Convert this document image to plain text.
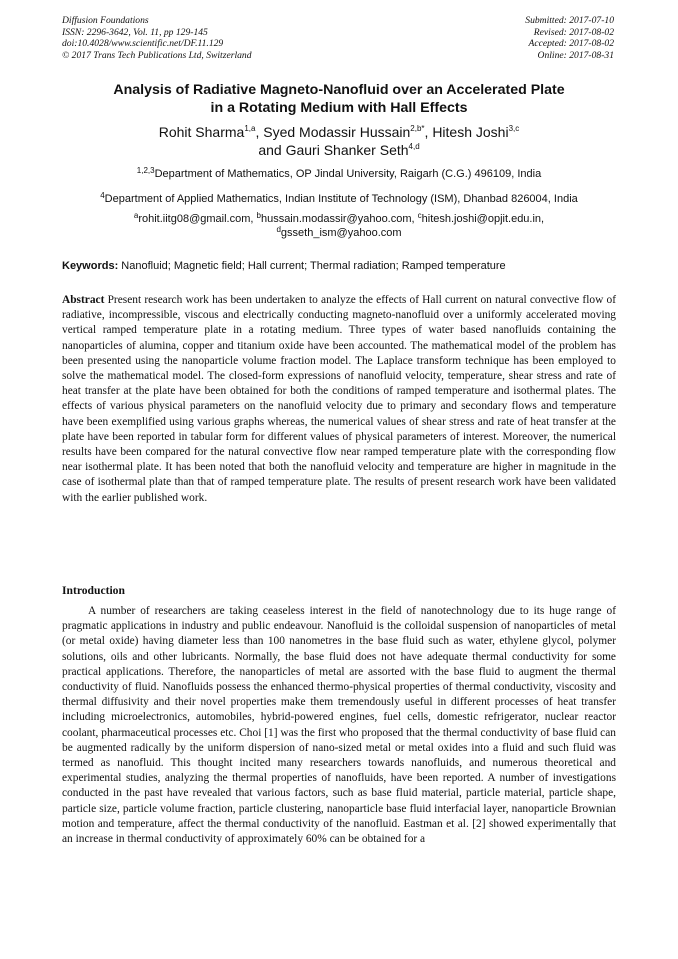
Diffusion Foundations
ISSN: 2296-3642, Vol. 11, pp 129-145
doi:10.4028/www.scientific.net/DF.11.129
© 2017 Trans Tech Publications Ltd, Switzerland
Submitted: 2017-07-10
Revised: 2017-08-02
Accepted: 2017-08-02
Online: 2017-08-31
Analysis of Radiative Magneto-Nanofluid over an Accelerated Plate
in a Rotating Medium with Hall Effects
Rohit Sharma$^{1,a}$, Syed Modassir Hussain$^{2,b*}$, Hitesh Joshi$^{3,c}$
and Gauri Shanker Seth$^{4,d}$
$^{1,2,3}$Department of Mathematics, OP Jindal University, Raigarh (C.G.) 496109, India
$^4$Department of Applied Mathematics, Indian Institute of Technology (ISM), Dhanbad 826004, India
$^a$rohit.iitg08@gmail.com, $^b$hussain.modassir@yahoo.com, $^c$hitesh.joshi@opjit.edu.in,
$^d$gsseth_ism@yahoo.com
Keywords: Nanofluid; Magnetic field; Hall current; Thermal radiation; Ramped temperature
Abstract Present research work has been undertaken to analyze the effects of Hall current on natural convective flow of radiative, incompressible, viscous and electrically conducting magneto-nanofluid over a uniformly accelerated moving vertical ramped temperature plate in a rotating medium. Three types of water based nanofluids containing the nanoparticles of alumina, copper and titanium oxide have been accounted. The mathematical model of the problem has been presented using the nanoparticle volume fraction model. The Laplace transform technique has been employed to solve the mathematical model. The closed-form expressions of nanofluid velocity, temperature, shear stress and rate of heat transfer at the plate have been obtained for both the conditions of ramped temperature and isothermal plates. The effects of various physical parameters on the nanofluid velocity due to primary and secondary flows and temperature have been exemplified using various graphs whereas, the numerical values of shear stress and rate of heat transfer at the plate have been reported in tabular form for different values of physical parameters of interest. Moreover, the numerical results have been compared for the natural convective flow near ramped temperature plate with the corresponding flow near isothermal plate. It has been noted that both the nanofluid velocity and temperature are higher in magnitude in the case of isothermal plate than that of ramped temperature plate. The results of present research work have been validated with the earlier published work.
Introduction
A number of researchers are taking ceaseless interest in the field of nanotechnology due to its huge range of pragmatic applications in industry and public endeavour. Nanofluid is the colloidal suspension of nanoparticles of metal (or metal oxide) having diameter less than 100 nanometres in the base fluid such as water, ethylene glycol, polymer solutions, oils and other lubricants. Normally, the base fluid does not have adequate thermal conductivity for some practical applications. Therefore, the nanoparticles of metal are assorted with the base fluid to augment the thermal conductivity of fluid. Nanofluids possess the enhanced thermo-physical properties of thermal conductivity, viscosity and thermal diffusivity and their novel properties make them tremendously useful in different processes of heat transfer including microelectronics, automobiles, hybrid-powered engines, fuel cells, domestic refrigerator, nuclear reactor coolant, pharmaceutical processes etc. Choi [1] was the first who proposed that the thermal conductivity of base fluid can be augmented radically by the uniform dispersion of nano-sized metal or metal oxides into a fluid and such fluid was termed as nanofluid. This thought incited many researchers towards nanofluids, and numerous theoretical and experimental studies, analyzing the thermal properties of nanofluids, have been reported. A number of investigations conducted in the past have revealed that various factors, such as base fluid material, particle material, particle shape, particle size, particle volume fraction, particle clustering, nanoparticle base fluid interfacial layer, nanoparticle Brownian motion and temperature, affect the thermal conductivity of the nanofluid. Eastman et al. [2] showed experimentally that an increase in thermal conductivity of approximately 60% can be obtained for a
